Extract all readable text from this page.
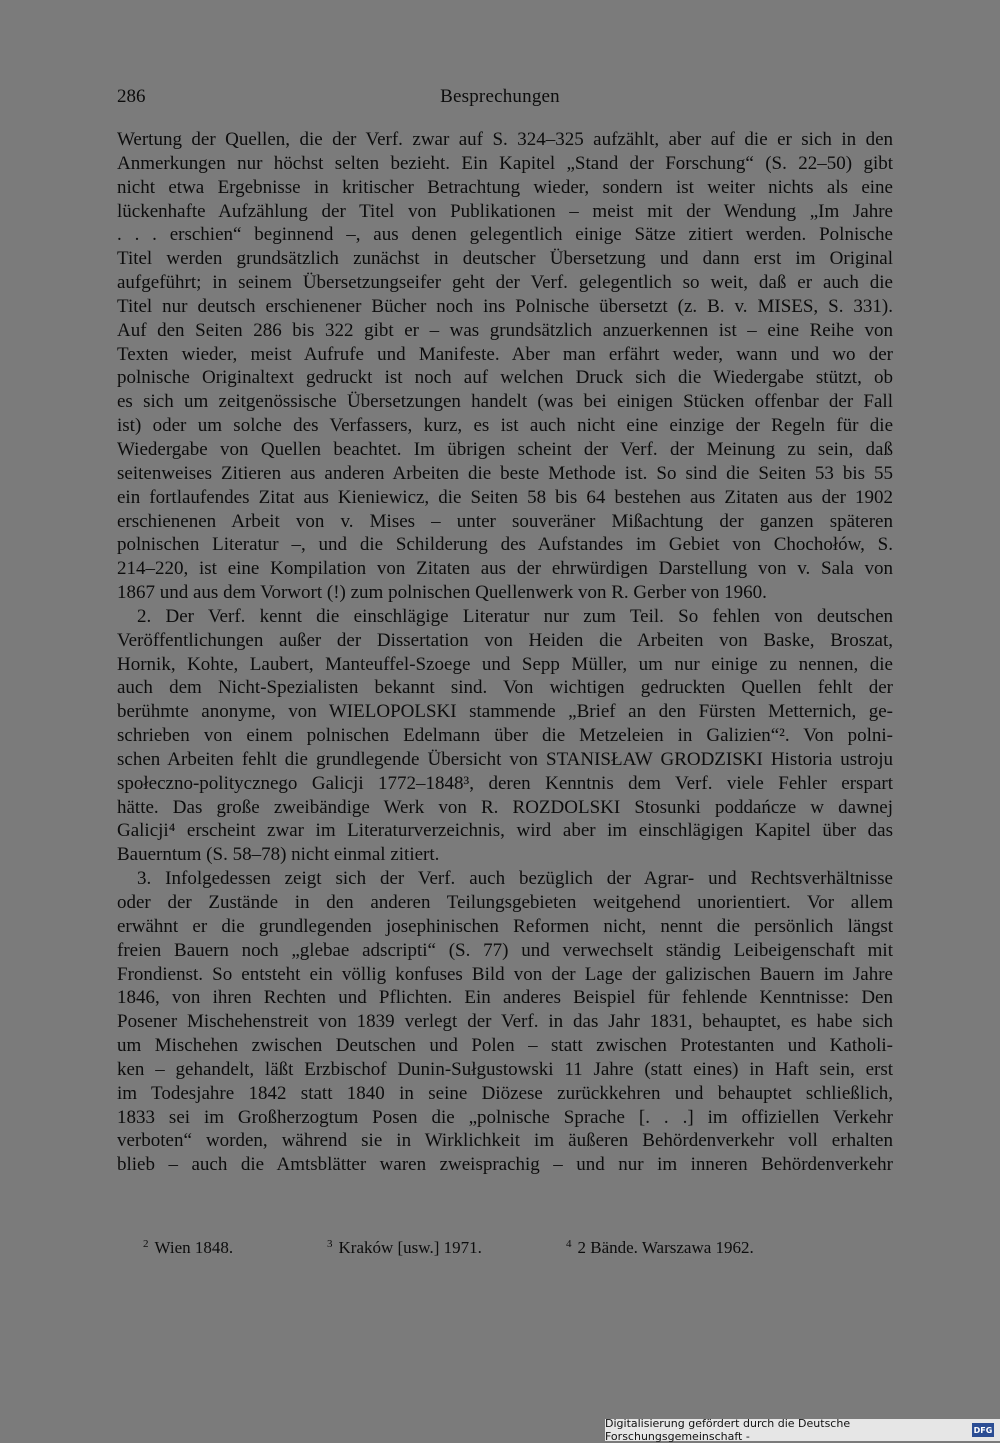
286	Besprechungen
Wertung der Quellen, die der Verf. zwar auf S. 324–325 aufzählt, aber auf die er sich in den
Anmerkungen nur höchst selten bezieht. Ein Kapitel „Stand der Forschung“ (S. 22–50) gibt
nicht etwa Ergebnisse in kritischer Betrachtung wieder, sondern ist weiter nichts als eine
lückenhafte Aufzählung der Titel von Publikationen – meist mit der Wendung „Im Jahre
. . . erschien“ beginnend –, aus denen gelegentlich einige Sätze zitiert werden. Polnische
Titel werden grundsätzlich zunächst in deutscher Übersetzung und dann erst im Original
aufgeführt; in seinem Übersetzungseifer geht der Verf. gelegentlich so weit, daß er auch die
Titel nur deutsch erschienener Bücher noch ins Polnische übersetzt (z. B. v. MISES, S. 331).
Auf den Seiten 286 bis 322 gibt er – was grundsätzlich anzuerkennen ist – eine Reihe von
Texten wieder, meist Aufrufe und Manifeste. Aber man erfährt weder, wann und wo der
polnische Originaltext gedruckt ist noch auf welchen Druck sich die Wiedergabe stützt, ob
es sich um zeitgenössische Übersetzungen handelt (was bei einigen Stücken offenbar der Fall
ist) oder um solche des Verfassers, kurz, es ist auch nicht eine einzige der Regeln für die
Wiedergabe von Quellen beachtet. Im übrigen scheint der Verf. der Meinung zu sein, daß
seitenweises Zitieren aus anderen Arbeiten die beste Methode ist. So sind die Seiten 53 bis 55
ein fortlaufendes Zitat aus Kieniewicz, die Seiten 58 bis 64 bestehen aus Zitaten aus der 1902
erschienenen Arbeit von v. Mises – unter souveräner Mißachtung der ganzen späteren
polnischen Literatur –, und die Schilderung des Aufstandes im Gebiet von Chochołów, S.
214–220, ist eine Kompilation von Zitaten aus der ehrwürdigen Darstellung von v. Sala von
1867 und aus dem Vorwort (!) zum polnischen Quellenwerk von R. Gerber von 1960.
2. Der Verf. kennt die einschlägige Literatur nur zum Teil. So fehlen von deutschen
Veröffentlichungen außer der Dissertation von Heiden die Arbeiten von Baske, Broszat,
Hornik, Kohte, Laubert, Manteuffel-Szoege und Sepp Müller, um nur einige zu nennen, die
auch dem Nicht-Spezialisten bekannt sind. Von wichtigen gedruckten Quellen fehlt der
berühmte anonyme, von WIELOPOLSKI stammende „Brief an den Fürsten Metternich, ge-
schrieben von einem polnischen Edelmann über die Metzeleien in Galizien“². Von polni-
schen Arbeiten fehlt die grundlegende Übersicht von STANISŁAW GRODZISKI Historia ustroju
społeczno-politycznego Galicji 1772–1848³, deren Kenntnis dem Verf. viele Fehler erspart
hätte. Das große zweibändige Werk von R. ROZDOLSKI Stosunki poddańcze w dawnej
Galicji⁴ erscheint zwar im Literaturverzeichnis, wird aber im einschlägigen Kapitel über das
Bauerntum (S. 58–78) nicht einmal zitiert.
3. Infolgedessen zeigt sich der Verf. auch bezüglich der Agrar- und Rechtsverhältnisse
oder der Zustände in den anderen Teilungsgebieten weitgehend unorientiert. Vor allem
erwähnt er die grundlegenden josephinischen Reformen nicht, nennt die persönlich längst
freien Bauern noch „glebae adscripti“ (S. 77) und verwechselt ständig Leibeigenschaft mit
Frondienst. So entsteht ein völlig konfuses Bild von der Lage der galizischen Bauern im Jahre
1846, von ihren Rechten und Pflichten. Ein anderes Beispiel für fehlende Kenntnisse: Den
Posener Mischehenstreit von 1839 verlegt der Verf. in das Jahr 1831, behauptet, es habe sich
um Mischehen zwischen Deutschen und Polen – statt zwischen Protestanten und Katholi-
ken – gehandelt, läßt Erzbischof Dunin-Sułgustowski 11 Jahre (statt eines) in Haft sein, erst
im Todesjahre 1842 statt 1840 in seine Diözese zurückkehren und behauptet schließlich,
1833 sei im Großherzogtum Posen die „polnische Sprache [. . .] im offiziellen Verkehr
verboten“ worden, während sie in Wirklichkeit im äußeren Behördenverkehr voll erhalten
blieb – auch die Amtsblätter waren zweisprachig – und nur im inneren Behördenverkehr
$^2$ Wien 1848.	$^3$ Kraków [usw.] 1971.	$^4$ 2 Bände. Warszawa 1962.
Digitalisierung gefördert durch die Deutsche Forschungsgemeinschaft -	DFG
